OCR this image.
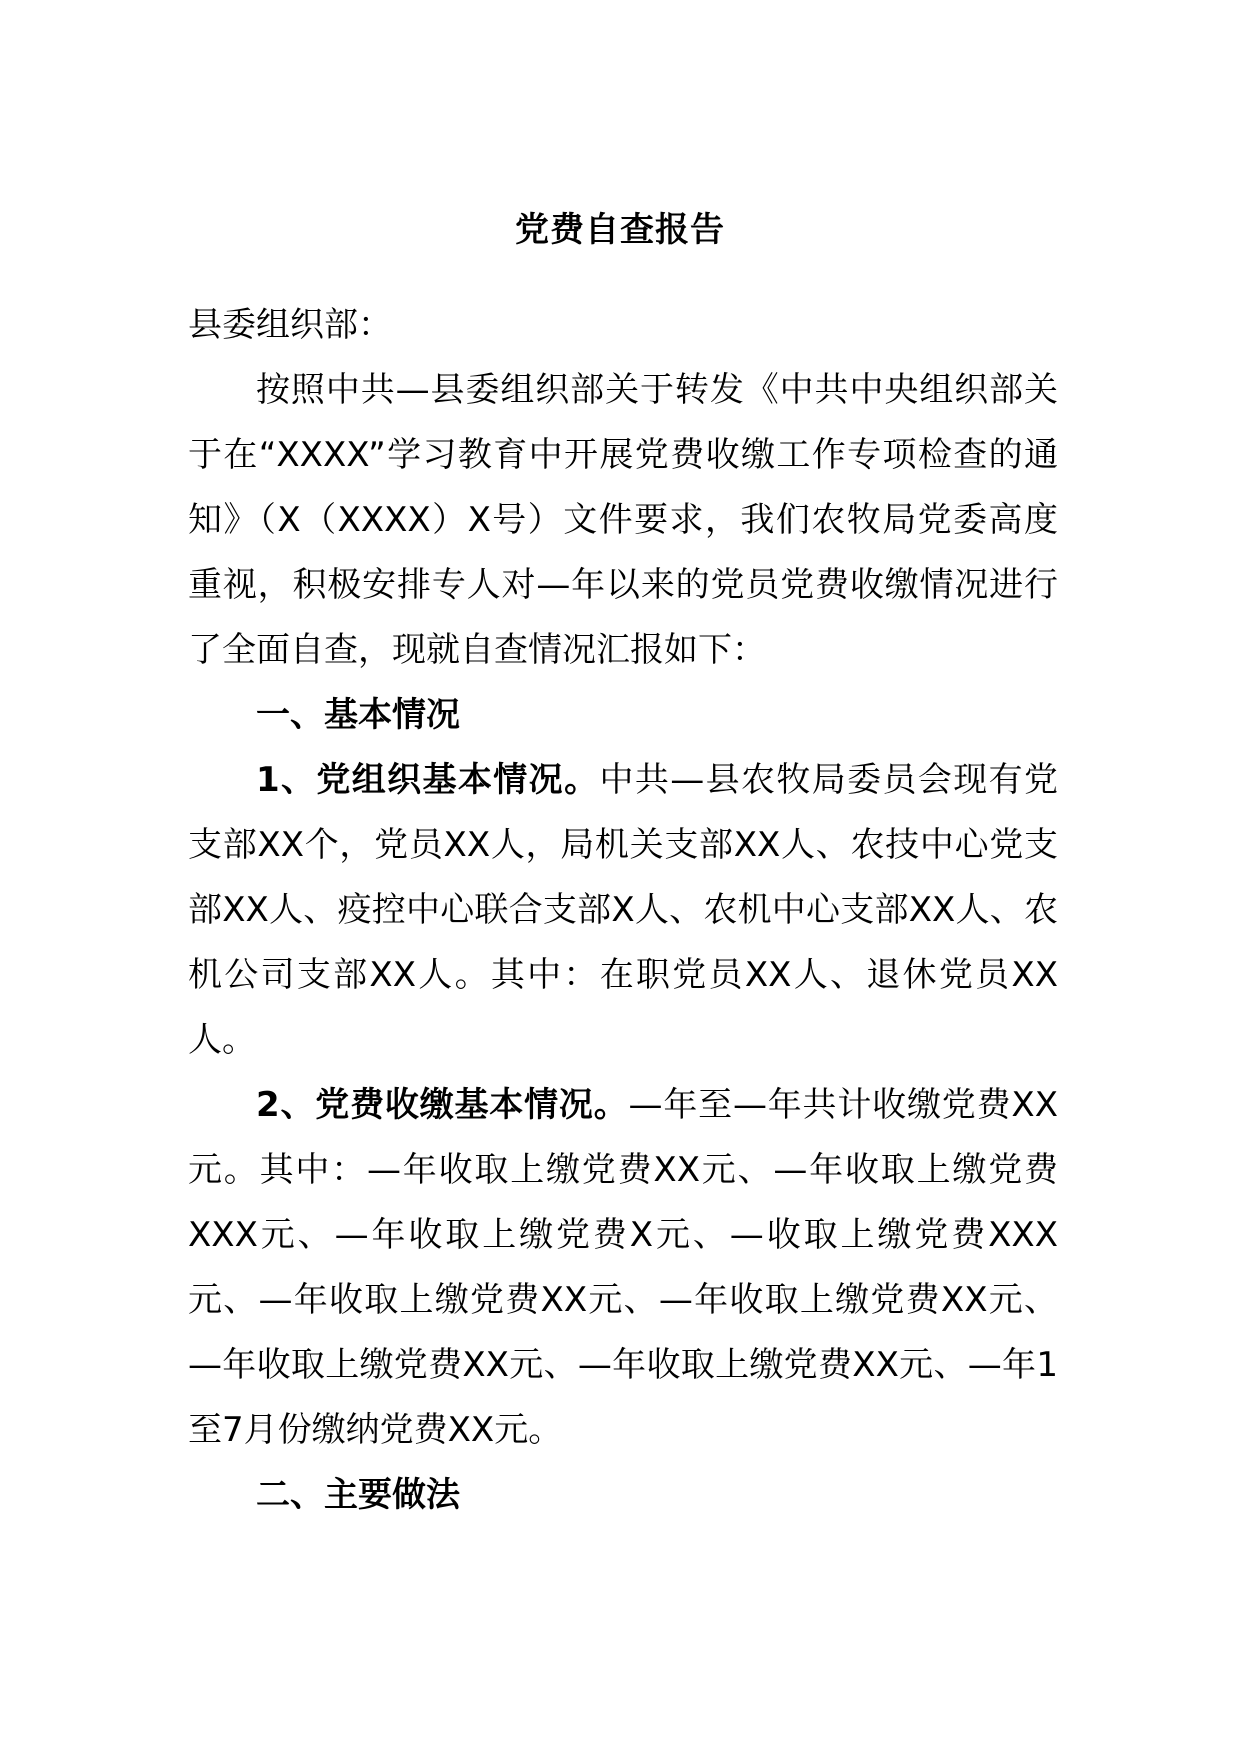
党费自查报告

县委组织部：

按照中共—县委组织部关于转发《中共中央组织部关于在“XXXX”学习教育中开展党费收缴工作专项检查的通知》（X（XXXX）X号）文件要求，我们农牧局党委高度重视，积极安排专人对—年以来的党员党费收缴情况进行了全面自查，现就自查情况汇报如下：

一、基本情况

1、党组织基本情况。中共—县农牧局委员会现有党支部XX个，党员XX人，局机关支部XX人、农技中心党支部XX人、疫控中心联合支部X人、农机中心支部XX人、农机公司支部XX人。其中：在职党员XX人、退休党员XX人。

2、党费收缴基本情况。—年至—年共计收缴党费XX元。其中：—年收取上缴党费XX元、—年收取上缴党费XXX元、—年收取上缴党费X元、—收取上缴党费XXX元、—年收取上缴党费XX元、—年收取上缴党费XX元、—年收取上缴党费XX元、—年收取上缴党费XX元、—年1至7月份缴纳党费XX元。

二、主要做法
